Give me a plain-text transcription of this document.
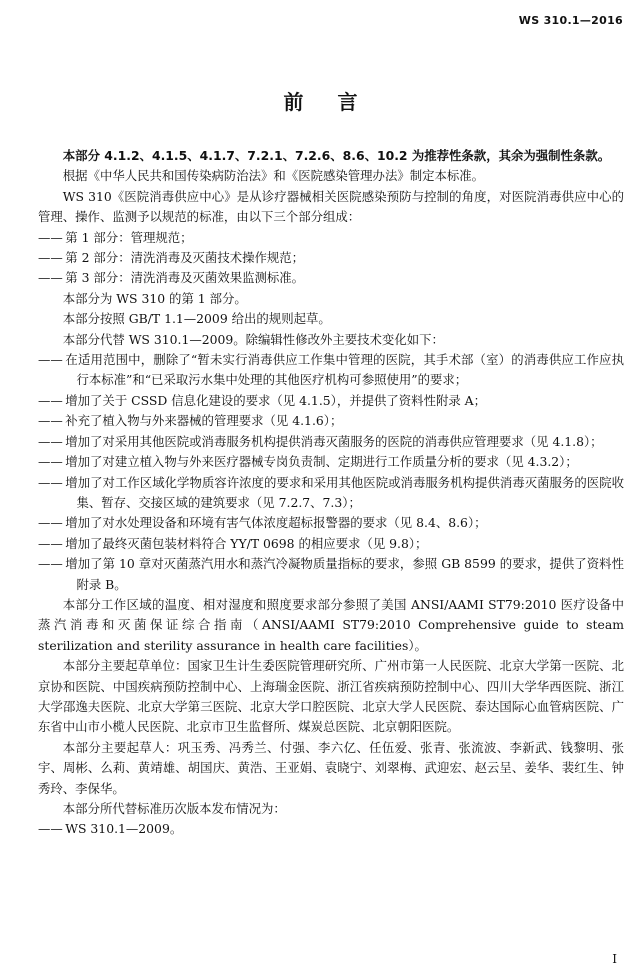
WS 310.1—2016
前 言

本部分 4.1.2、4.1.5、4.1.7、7.2.1、7.2.6、8.6、10.2 为推荐性条款，其余为强制性条款。

根据《中华人民共和国传染病防治法》和《医院感染管理办法》制定本标准。

WS 310《医院消毒供应中心》是从诊疗器械相关医院感染预防与控制的角度，对医院消毒供应中心的管理、操作、监测予以规范的标准，由以下三个部分组成：

—— 第 1 部分：管理规范；

—— 第 2 部分：清洗消毒及灭菌技术操作规范；

—— 第 3 部分：清洗消毒及灭菌效果监测标准。

本部分为 WS 310 的第 1 部分。

本部分按照 GB/T 1.1—2009 给出的规则起草。

本部分代替 WS 310.1—2009。除编辑性修改外主要技术变化如下：

—— 在适用范围中，删除了“暂未实行消毒供应工作集中管理的医院，其手术部（室）的消毒供应工作应执行本标准”和“已采取污水集中处理的其他医疗机构可参照使用”的要求；

—— 增加了关于 CSSD 信息化建设的要求（见 4.1.5），并提供了资料性附录 A；

—— 补充了植入物与外来器械的管理要求（见 4.1.6）；

—— 增加了对采用其他医院或消毒服务机构提供消毒灭菌服务的医院的消毒供应管理要求（见 4.1.8）；

—— 增加了对建立植入物与外来医疗器械专岗负责制、定期进行工作质量分析的要求（见 4.3.2）；

—— 增加了对工作区域化学物质容许浓度的要求和采用其他医院或消毒服务机构提供消毒灭菌服务的医院收集、暂存、交接区域的建筑要求（见 7.2.7、7.3）；

—— 增加了对水处理设备和环境有害气体浓度超标报警器的要求（见 8.4、8.6）；

—— 增加了最终灭菌包装材料符合 YY/T 0698 的相应要求（见 9.8）；

—— 增加了第 10 章对灭菌蒸汽用水和蒸汽冷凝物质量指标的要求，参照 GB 8599 的要求，提供了资料性附录 B。

本部分工作区域的温度、相对湿度和照度要求部分参照了美国 ANSI/AAMI ST79:2010 医疗设备中蒸汽消毒和灭菌保证综合指南（ANSI/AAMI ST79:2010 Comprehensive guide to steam sterilization and sterility assurance in health care facilities）。

本部分主要起草单位：国家卫生计生委医院管理研究所、广州市第一人民医院、北京大学第一医院、北京协和医院、中国疾病预防控制中心、上海瑞金医院、浙江省疾病预防控制中心、四川大学华西医院、浙江大学邵逸夫医院、北京大学第三医院、北京大学口腔医院、北京大学人民医院、泰达国际心血管病医院、广东省中山市小榄人民医院、北京市卫生监督所、煤炭总医院、北京朝阳医院。

本部分主要起草人：巩玉秀、冯秀兰、付强、李六亿、任伍爱、张青、张流波、李新武、钱黎明、张宇、周彬、么莉、黄靖雄、胡国庆、黄浩、王亚娟、袁晓宁、刘翠梅、武迎宏、赵云呈、姜华、裴红生、钟秀玲、李保华。

本部分所代替标准历次版本发布情况为：

—— WS 310.1—2009。

I
